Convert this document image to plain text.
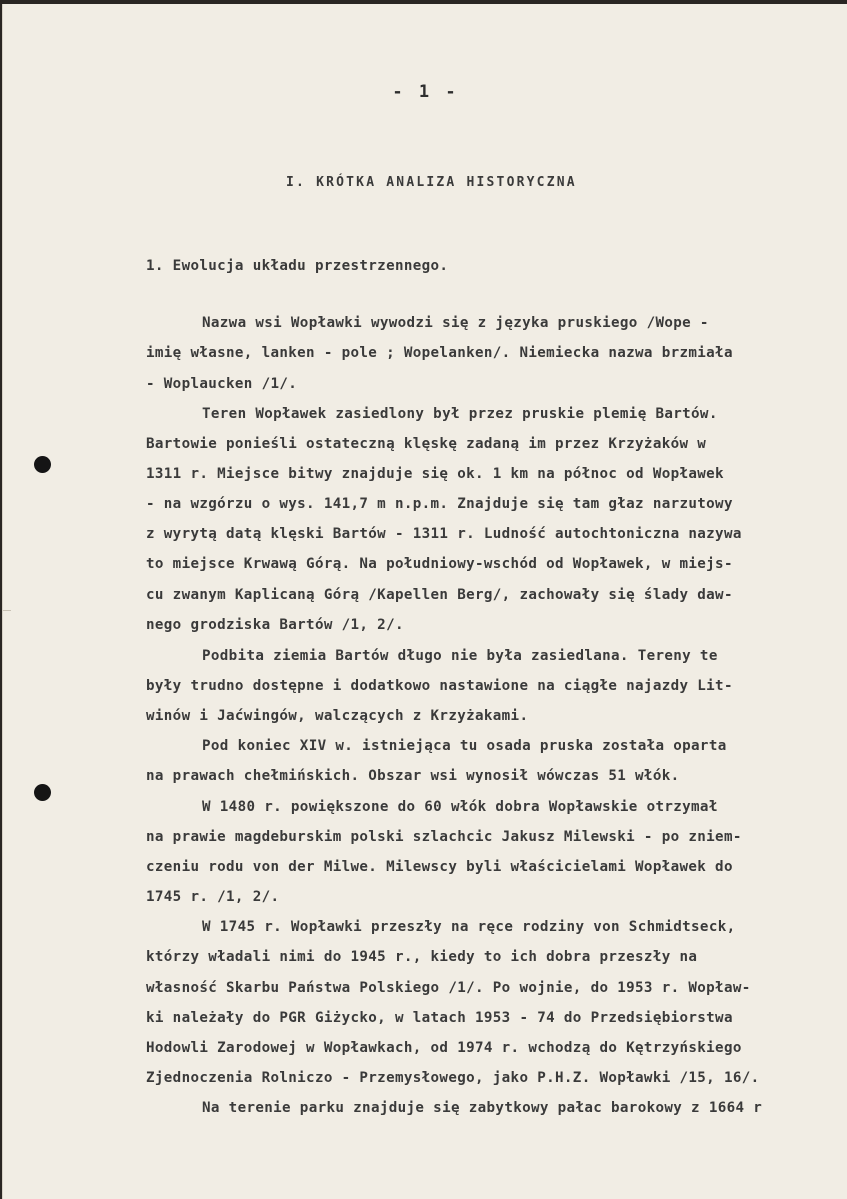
- 1 -
I. KRÓTKA ANALIZA HISTORYCZNA
1. Ewolucja układu przestrzennego.
Nazwa wsi Wopławki wywodzi się z języka pruskiego /Wope -
imię własne, lanken - pole ; Wopelanken/. Niemiecka nazwa brzmiała
- Woplaucken /1/.
Teren Wopławek zasiedlony był przez pruskie plemię Bartów.
Bartowie ponieśli ostateczną klęskę zadaną im przez Krzyżaków w
1311 r. Miejsce bitwy znajduje się ok. 1 km na północ od Wopławek
- na wzgórzu o wys. 141,7 m n.p.m. Znajduje się tam głaz narzutowy
z wyrytą datą klęski Bartów - 1311 r. Ludność autochtoniczna nazywa
to miejsce Krwawą Górą. Na południowy-wschód od Wopławek, w miejs-
cu zwanym Kaplicaną Górą /Kapellen Berg/, zachowały się ślady daw-
nego grodziska Bartów /1, 2/.
Podbita ziemia Bartów długo nie była zasiedlana. Tereny te
były trudno dostępne i dodatkowo nastawione na ciągłe najazdy Lit-
winów i Jaćwingów, walczących z Krzyżakami.
Pod koniec XIV w. istniejąca tu osada pruska została oparta
na prawach chełmińskich. Obszar wsi wynosił wówczas 51 włók.
W 1480 r. powiększone do 60 włók dobra Wopławskie otrzymał
na prawie magdeburskim polski szlachcic Jakusz Milewski - po zniem-
czeniu rodu von der Milwe. Milewscy byli właścicielami Wopławek do
1745 r. /1, 2/.
W 1745 r. Wopławki przeszły na ręce rodziny von Schmidtseck,
którzy władali nimi do 1945 r., kiedy to ich dobra przeszły na
własność Skarbu Państwa Polskiego /1/. Po wojnie, do 1953 r. Wopław-
ki należały do PGR Giżycko, w latach 1953 - 74 do Przedsiębiorstwa
Hodowli Zarodowej w Wopławkach, od 1974 r. wchodzą do Kętrzyńskiego
Zjednoczenia Rolniczo - Przemysłowego, jako P.H.Z. Wopławki /15, 16/.
Na terenie parku znajduje się zabytkowy pałac barokowy z 1664 r
